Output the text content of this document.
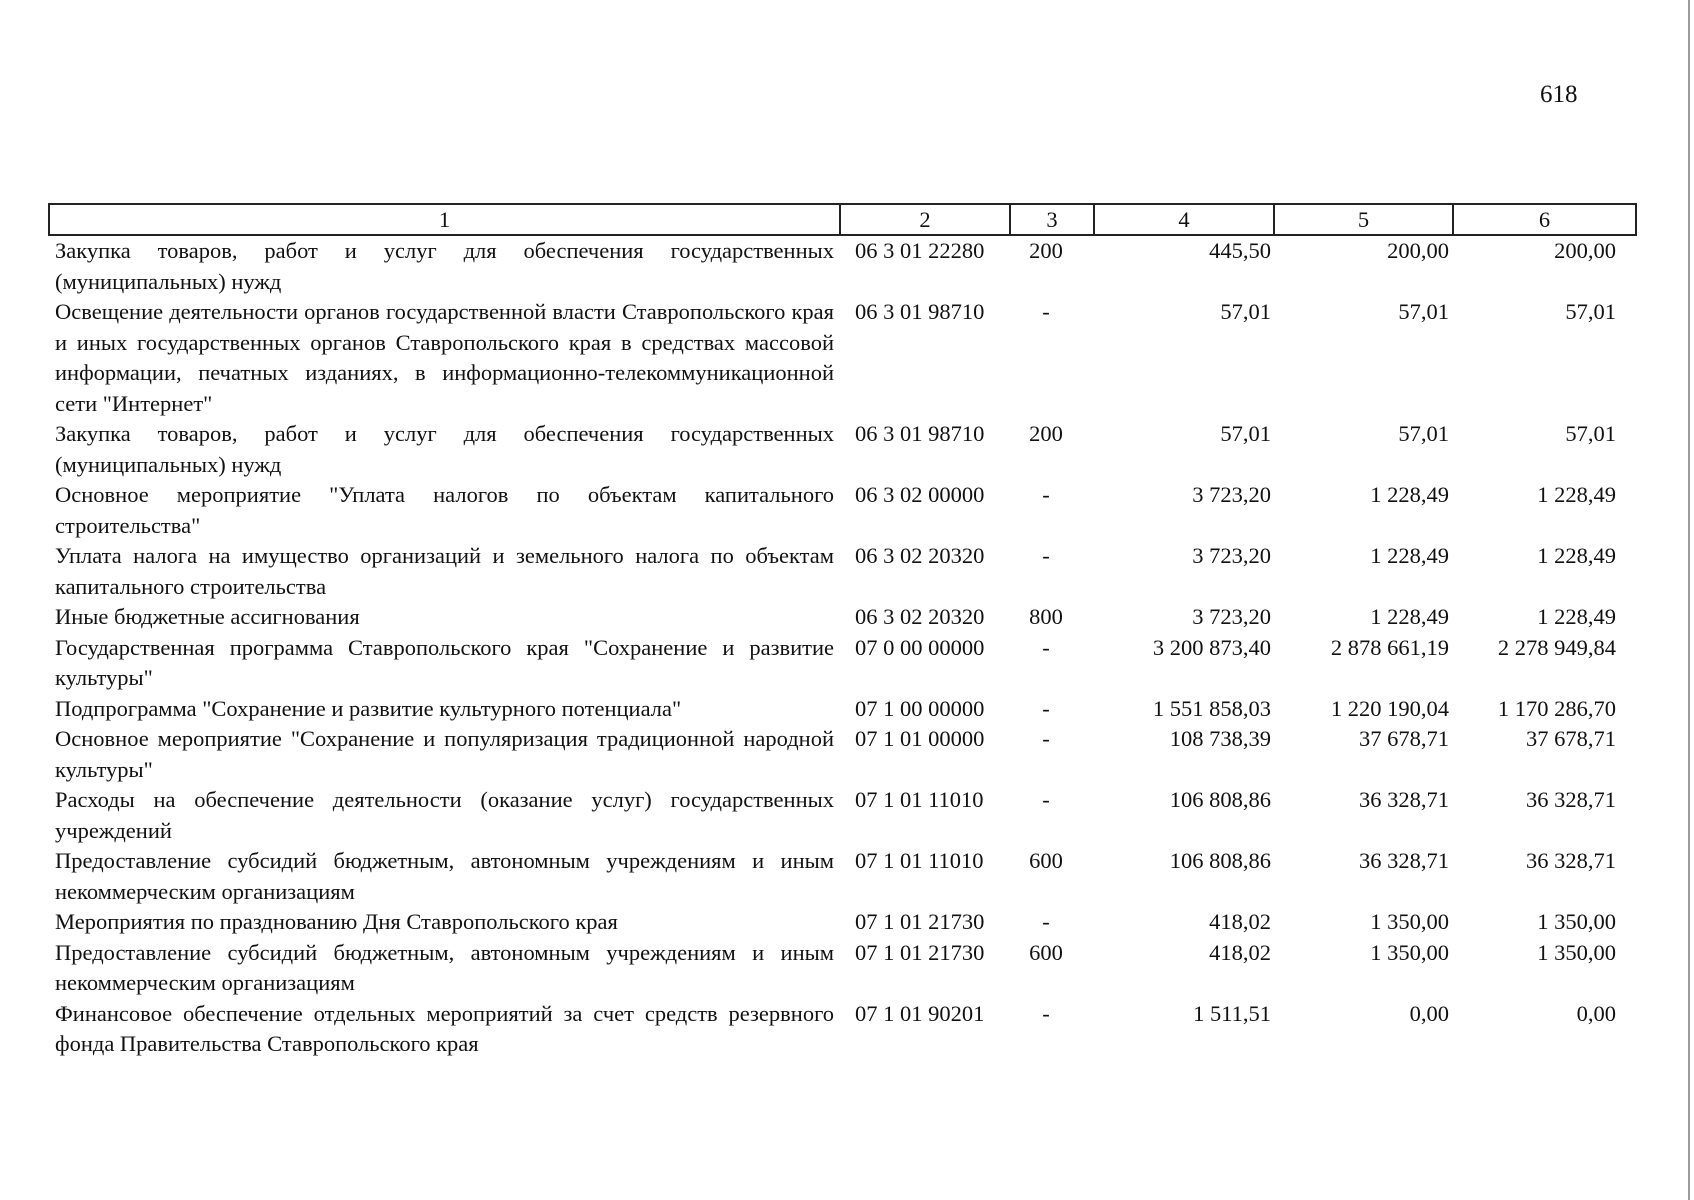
618
1	2	3	4	5	6
Закупка товаров, работ и услуг для обеспечения государственных (муниципальных) нужд	06 3 01 22280	200	445,50	200,00	200,00
Освещение деятельности органов государственной власти Ставропольского края и иных государственных органов Ставропольского края в средствах массовой информации, печатных изданиях, в информационно-телекоммуникационной сети "Интернет"	06 3 01 98710	-	57,01	57,01	57,01
Закупка товаров, работ и услуг для обеспечения государственных (муниципальных) нужд	06 3 01 98710	200	57,01	57,01	57,01
Основное мероприятие "Уплата налогов по объектам капитального строительства"	06 3 02 00000	-	3 723,20	1 228,49	1 228,49
Уплата налога на имущество организаций и земельного налога по объектам капитального строительства	06 3 02 20320	-	3 723,20	1 228,49	1 228,49
Иные бюджетные ассигнования	06 3 02 20320	800	3 723,20	1 228,49	1 228,49
Государственная программа Ставропольского края "Сохранение и развитие культуры"	07 0 00 00000	-	3 200 873,40	2 878 661,19	2 278 949,84
Подпрограмма "Сохранение и развитие культурного потенциала"	07 1 00 00000	-	1 551 858,03	1 220 190,04	1 170 286,70
Основное мероприятие "Сохранение и популяризация традиционной народной культуры"	07 1 01 00000	-	108 738,39	37 678,71	37 678,71
Расходы на обеспечение деятельности (оказание услуг) государственных учреждений	07 1 01 11010	-	106 808,86	36 328,71	36 328,71
Предоставление субсидий бюджетным, автономным учреждениям и иным некоммерческим организациям	07 1 01 11010	600	106 808,86	36 328,71	36 328,71
Мероприятия по празднованию Дня Ставропольского края	07 1 01 21730	-	418,02	1 350,00	1 350,00
Предоставление субсидий бюджетным, автономным учреждениям и иным некоммерческим организациям	07 1 01 21730	600	418,02	1 350,00	1 350,00
Финансовое обеспечение отдельных мероприятий за счет средств резервного фонда Правительства Ставропольского края	07 1 01 90201	-	1 511,51	0,00	0,00
